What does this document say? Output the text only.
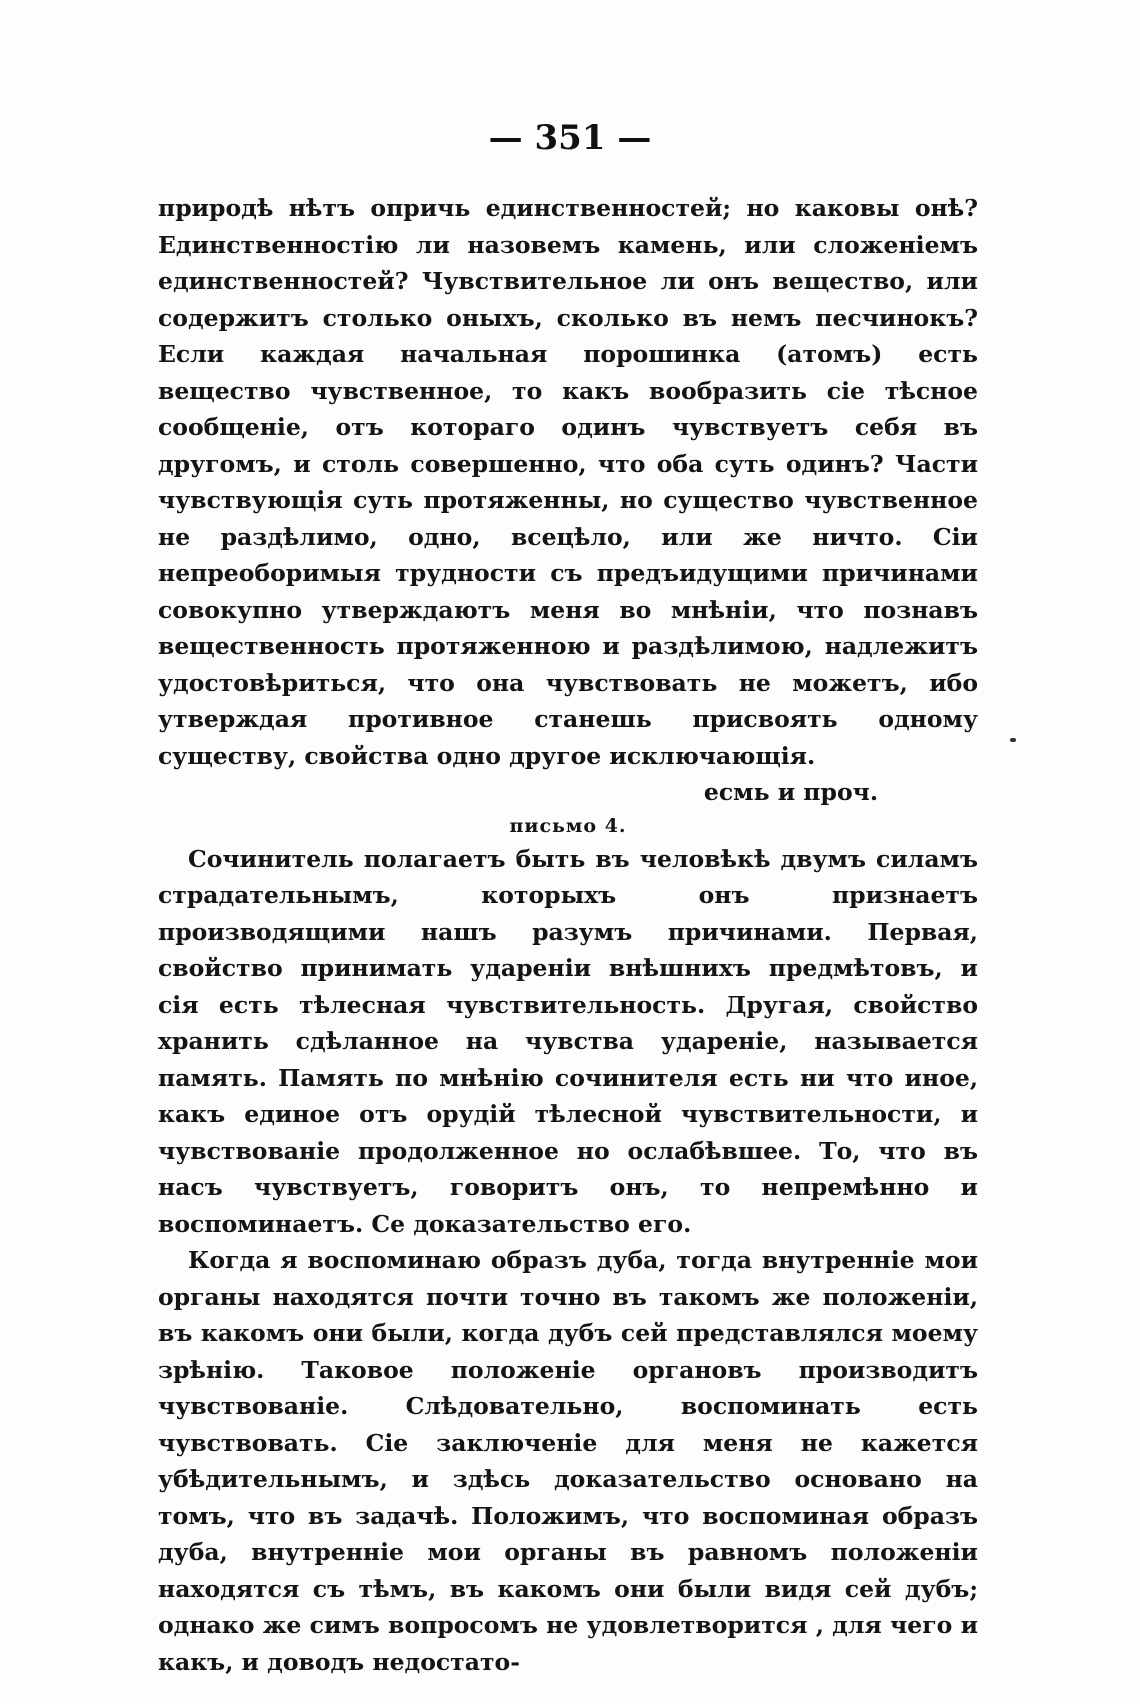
— 351 —

природѣ нѣтъ опричь единственностей; но каковы онѣ? Единственностію ли назовемъ камень, или сложеніемъ единственностей? Чувствительное ли онъ вещество, или содержитъ столько оныхъ, сколько въ немъ песчинокъ? Если каждая начальная порошинка (атомъ) есть вещество чувственное, то какъ вообразить сіе тѣсное сообщеніе, отъ котораго одинъ чувствуетъ себя въ другомъ, и столь совершенно, что оба суть одинъ? Части чувствующія суть протяженны, но существо чувственное не раздѣлимо, одно, всецѣло, или же ничто. Сіи непреоборимыя трудности съ предъидущими причинами совокупно утверждаютъ меня во мнѣніи, что познавъ вещественность протяженною и раздѣлимою, надлежитъ удостовѣриться, что она чувствовать не можетъ, ибо утверждая противное станешь присвоять одному существу, свойства одно другое исключающія.

есмь и проч.

письмо 4.

Сочинитель полагаетъ быть въ человѣкѣ двумъ силамъ страдательнымъ, которыхъ онъ признаетъ производящими нашъ разумъ причинами. Первая, свойство принимать удареніи внѣшнихъ предмѣтовъ, и сія есть тѣлесная чувствительность. Другая, свойство хранить сдѣланное на чувства удареніе, называется память. Память по мнѣнію сочинителя есть ни что иное, какъ единое отъ орудій тѣлесной чувствительности, и чувствованіе продолженное но ослабѣвшее. То, что въ насъ чувствуетъ, говоритъ онъ, то непремѣнно и воспоминаетъ. Се доказательство его.

Когда я воспоминаю образъ дуба, тогда внутренніе мои органы находятся почти точно въ такомъ же положеніи, въ какомъ они были, когда дубъ сей представлялся моему зрѣнію. Таковое положеніе органовъ производитъ чувствованіе. Слѣдовательно, воспоминать есть чувствовать. Сіе заключеніе для меня не кажется убѣдительнымъ, и здѣсь доказательство основано на томъ, что въ задачѣ. Положимъ, что воспоминая образъ дуба, внутренніе мои органы въ равномъ положеніи находятся съ тѣмъ, въ какомъ они были видя сей дубъ; однако же симъ вопросомъ не удовлетворится , для чего и какъ, и доводъ недостато-
